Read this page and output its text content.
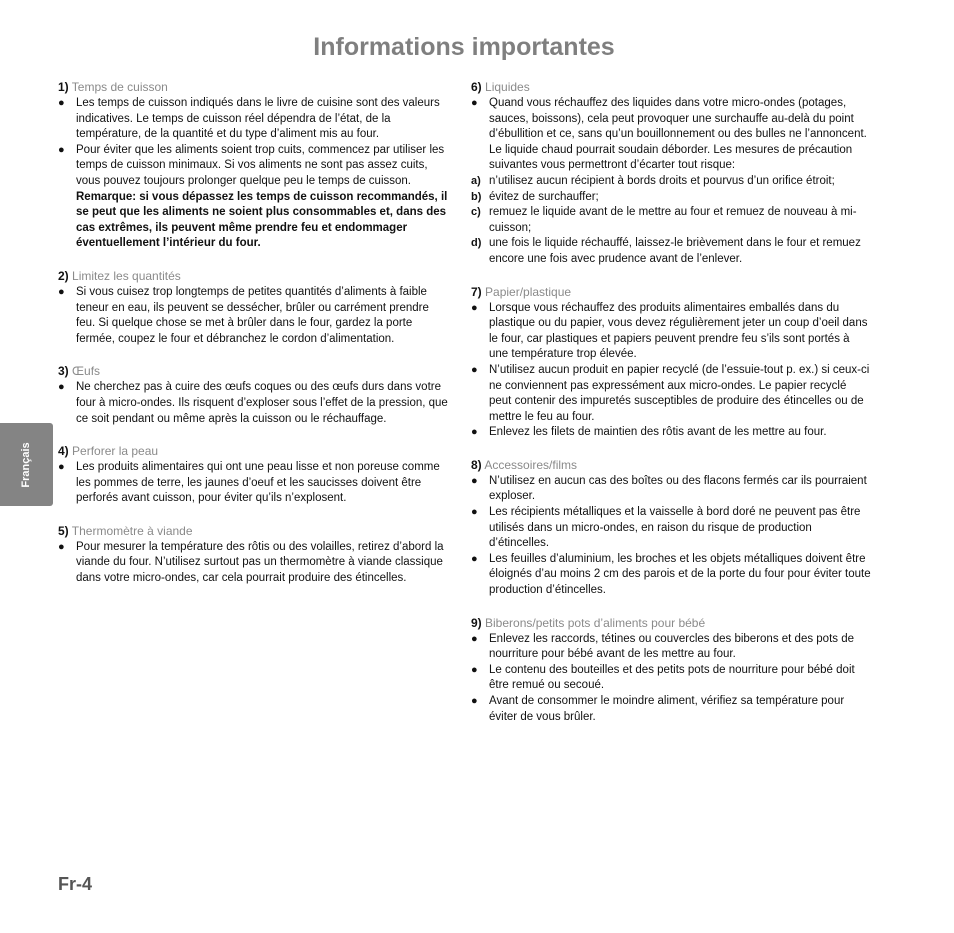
Informations importantes
Français

1) Temps de cuisson

● Les temps de cuisson indiqués dans le livre de cuisine sont des valeurs indicatives. Le temps de cuisson réel dépendra de l’état, de la température, de la quantité et du type d’aliment mis au four.
● Pour éviter que les aliments soient trop cuits, commencez par utiliser les temps de cuisson minimaux. Si vos aliments ne sont pas assez cuits, vous pouvez toujours prolonger quelque peu le temps de cuisson.
Remarque: si vous dépassez les temps de cuisson recommandés, il se peut que les aliments ne soient plus consommables et, dans des cas extrêmes, ils peuvent même prendre feu et endommager éventuellement l’intérieur du four.

2) Limitez les quantités

● Si vous cuisez trop longtemps de petites quantités d’aliments à faible teneur en eau, ils peuvent se dessécher, brûler ou carrément prendre feu. Si quelque chose se met à brûler dans le four, gardez la porte fermée, coupez le four et débranchez le cordon d’alimentation.

3) Œufs

● Ne cherchez pas à cuire des œufs coques ou des œufs durs dans votre four à micro-ondes. Ils risquent d’exploser sous l’effet de la pression, que ce soit pendant ou même après la cuisson ou le réchauffage.

4) Perforer la peau

● Les produits alimentaires qui ont une peau lisse et non poreuse comme les pommes de terre, les jaunes d’oeuf et les saucisses doivent être perforés avant cuisson, pour éviter qu’ils n’explosent.

5) Thermomètre à viande

● Pour mesurer la température des rôtis ou des volailles, retirez d’abord la viande du four. N’utilisez surtout pas un thermomètre à viande classique dans votre micro-ondes, car cela pourrait produire des étincelles.

6) Liquides

● Quand vous réchauffez des liquides dans votre micro-ondes (potages, sauces, boissons), cela peut provoquer une surchauffe au-delà du point d’ébullition et ce, sans qu’un bouillonnement ou des bulles ne l’annoncent. Le liquide chaud pourrait soudain déborder. Les mesures de précaution suivantes vous permettront d’écarter tout risque:
a) n’utilisez aucun récipient à bords droits et pourvus d’un orifice étroit;
b) évitez de surchauffer;
c) remuez le liquide avant de le mettre au four et remuez de nouveau à mi-cuisson;
d) une fois le liquide réchauffé, laissez-le brièvement dans le four et remuez encore une fois avec prudence avant de l’enlever.

7) Papier/plastique

● Lorsque vous réchauffez des produits alimentaires emballés dans du plastique ou du papier, vous devez régulièrement jeter un coup d’oeil dans le four, car plastiques et papiers peuvent prendre feu s’ils sont portés à une température trop élevée.
● N’utilisez aucun produit en papier recyclé (de l’essuie-tout p. ex.) si ceux-ci ne conviennent pas expressément aux micro-ondes. Le papier recyclé peut contenir des impuretés susceptibles de produire des étincelles ou de mettre le feu au four.
● Enlevez les filets de maintien des rôtis avant de les mettre au four.

8) Accessoires/films

● N’utilisez en aucun cas des boîtes ou des flacons fermés car ils pourraient exploser.
● Les récipients métalliques et la vaisselle à bord doré ne peuvent pas être utilisés dans un micro-ondes, en raison du risque de production d’étincelles.
● Les feuilles d’aluminium, les broches et les objets métalliques doivent être éloignés d’au moins 2 cm des parois et de la porte du four pour éviter toute production d’étincelles.

9) Biberons/petits pots d’aliments pour bébé

● Enlevez les raccords, tétines ou couvercles des biberons et des pots de nourriture pour bébé avant de les mettre au four.
● Le contenu des bouteilles et des petits pots de nourriture pour bébé doit être remué ou secoué.
● Avant de consommer le moindre aliment, vérifiez sa température pour éviter de vous brûler.
Fr-4
